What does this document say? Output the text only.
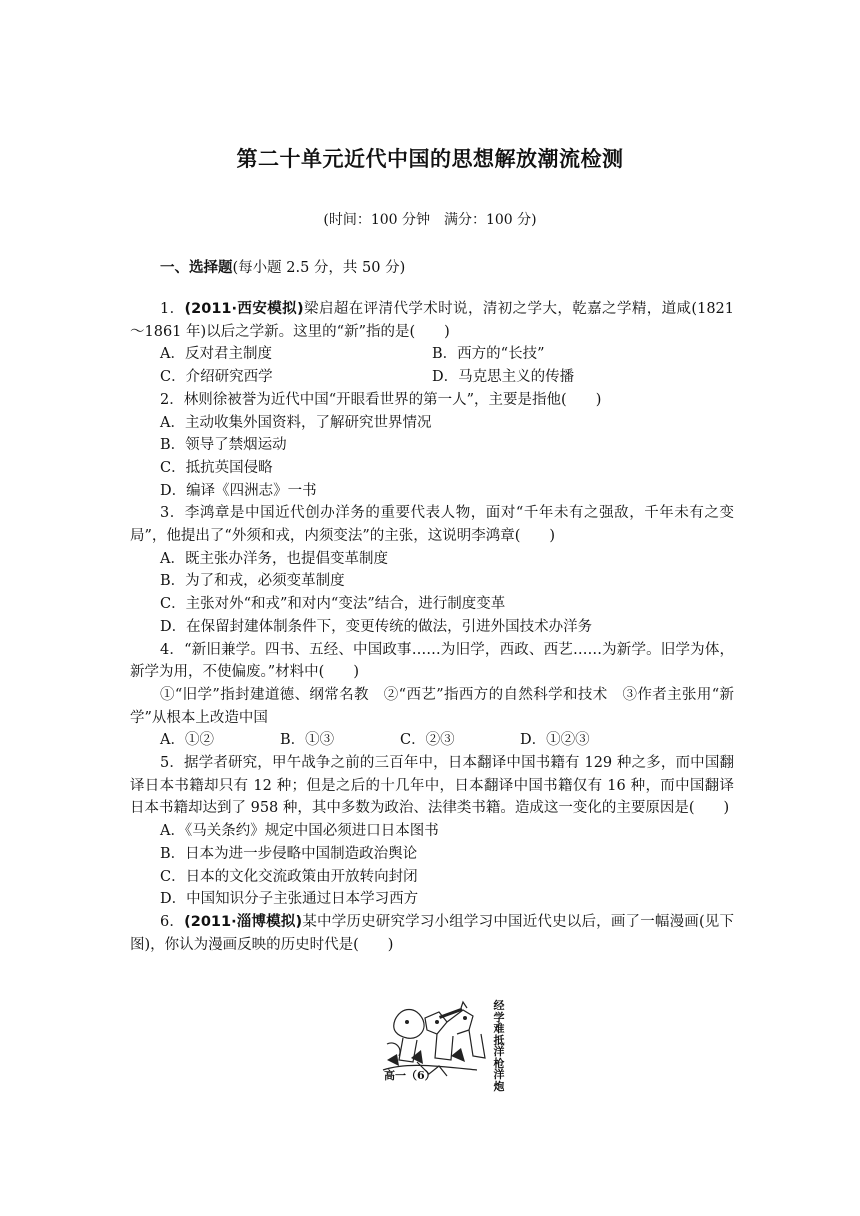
第二十单元近代中国的思想解放潮流检测
(时间：100 分钟　满分：100 分)
一、选择题(每小题 2.5 分，共 50 分)

1．(2011·西安模拟)梁启超在评清代学术时说，清初之学大，乾嘉之学精，道咸(1821～1861 年)以后之学新。这里的“新”指的是(　　)

A．反对君主制度	B．西方的“长技”
C．介绍研究西学	D．马克思主义的传播

2．林则徐被誉为近代中国“开眼看世界的第一人”，主要是指他(　　)

A．主动收集外国资料，了解研究世界情况

B．领导了禁烟运动

C．抵抗英国侵略

D．编译《四洲志》一书

3．李鸿章是中国近代创办洋务的重要代表人物，面对“千年未有之强敌，千年未有之变局”，他提出了“外须和戎，内须变法”的主张，这说明李鸿章(　　)

A．既主张办洋务，也提倡变革制度

B．为了和戎，必须变革制度

C．主张对外“和戎”和对内“变法”结合，进行制度变革

D．在保留封建体制条件下，变更传统的做法，引进外国技术办洋务

4．“新旧兼学。四书、五经、中国政事……为旧学，西政、西艺……为新学。旧学为体，新学为用，不使偏废。”材料中(　　)

①“旧学”指封建道德、纲常名教　②“西艺”指西方的自然科学和技术　③作者主张用“新学”从根本上改造中国

A．①②	B．①③	C．②③	D．①②③

5．据学者研究，甲午战争之前的三百年中，日本翻译中国书籍有 129 种之多，而中国翻译日本书籍却只有 12 种；但是之后的十几年中，日本翻译中国书籍仅有 16 种，而中国翻译日本书籍却达到了 958 种，其中多数为政治、法律类书籍。造成这一变化的主要原因是(　　)

A．《马关条约》规定中国必须进口日本图书

B．日本为进一步侵略中国制造政治舆论

C．日本的文化交流政策由开放转向封闭

D．中国知识分子主张通过日本学习西方

6．(2011·淄博模拟)某中学历史研究学习小组学习中国近代史以后，画了一幅漫画(见下图)，你认为漫画反映的历史时代是(　　)

经
学
难
抵
洋
枪
洋
炮
高一（6）
